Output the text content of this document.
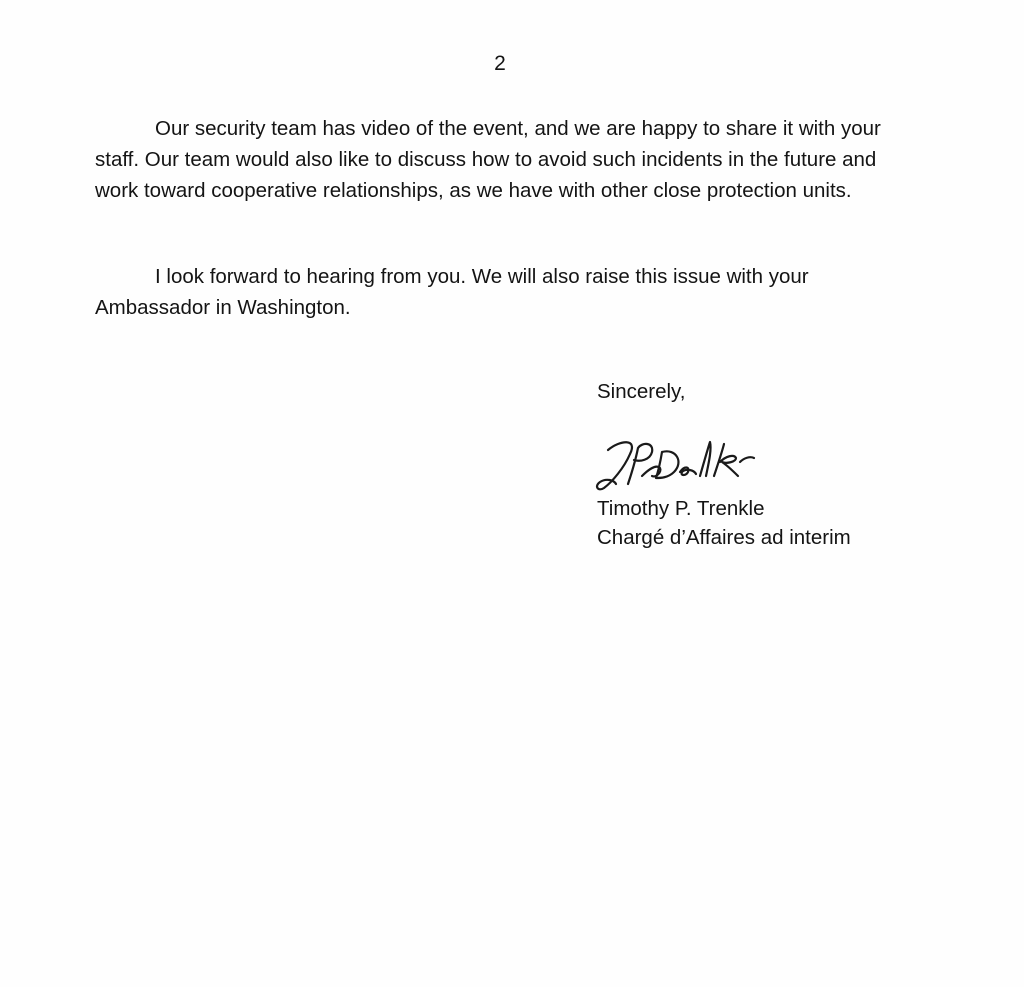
2

Our security team has video of the event, and we are happy to share it with your staff. Our team would also like to discuss how to avoid such incidents in the future and work toward cooperative relationships, as we have with other close protection units.

I look forward to hearing from you. We will also raise this issue with your Ambassador in Washington.

Sincerely,
Timothy P. Trenkle
Chargé d’Affaires ad interim
